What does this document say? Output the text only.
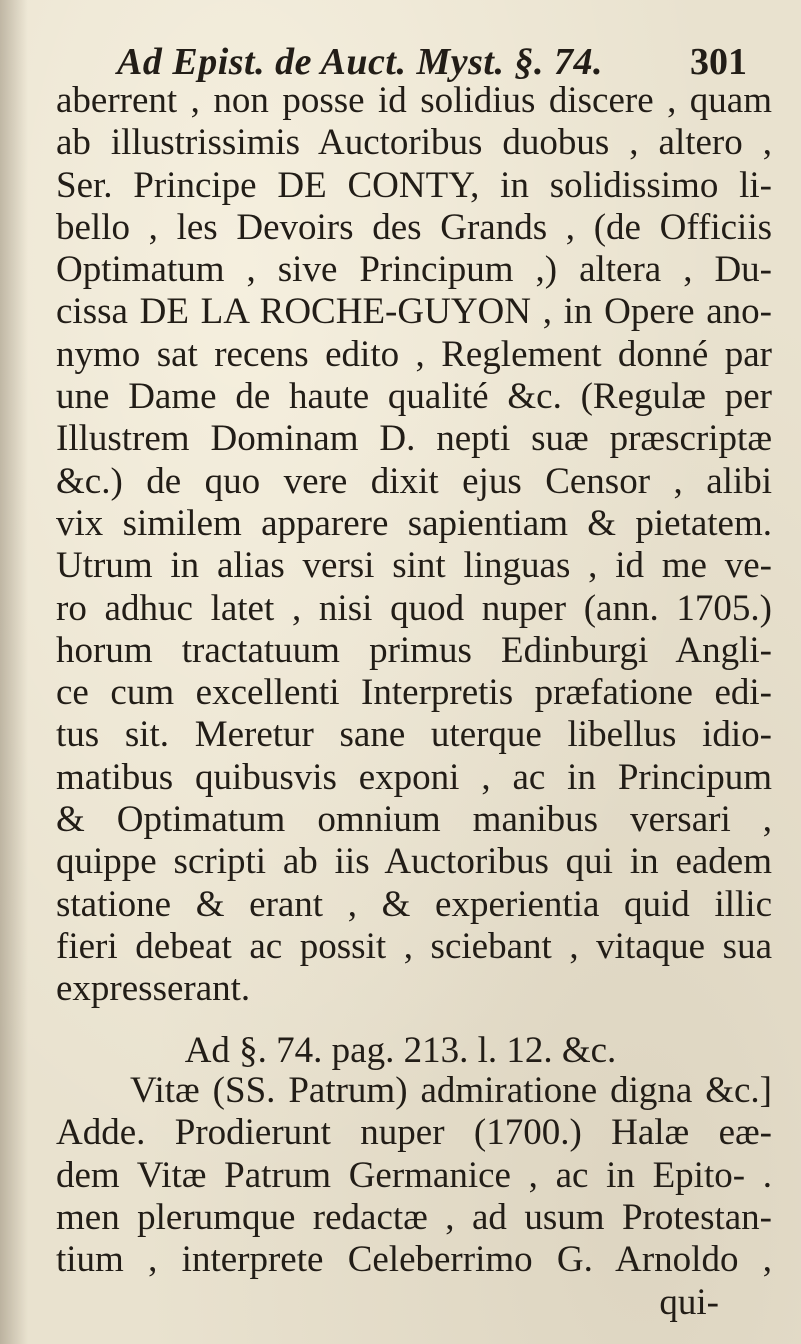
Ad Epist. de Auct. Myst. §. 74. 301
aberrent , non posse id solidius discere , quam
ab illustrissimis Auctoribus duobus , altero ,
Ser. Principe DE CONTY, in solidissimo li-
bello , les Devoirs des Grands , (de Officiis
Optimatum , sive Principum ,) altera , Du-
cissa DE LA ROCHE-GUYON , in Opere ano-
nymo sat recens edito , Reglement donné par
une Dame de haute qualité &c. (Regulæ per
Illustrem Dominam D. nepti suæ præscriptæ
&c.) de quo vere dixit ejus Censor , alibi
vix similem apparere sapientiam & pietatem.
Utrum in alias versi sint linguas , id me ve-
ro adhuc latet , nisi quod nuper (ann. 1705.)
horum tractatuum primus Edinburgi Angli-
ce cum excellenti Interpretis præfatione edi-
tus sit. Meretur sane uterque libellus idio-
matibus quibusvis exponi , ac in Principum
& Optimatum omnium manibus versari ,
quippe scripti ab iis Auctoribus qui in eadem
statione & erant , & experientia quid illic
fieri debeat ac possit , sciebant , vitaque sua
expresserant.
Ad §. 74. pag. 213. l. 12. &c.
Vitæ (SS. Patrum) admiratione digna &c.]
Adde. Prodierunt nuper (1700.) Halæ eæ-
dem Vitæ Patrum Germanice , ac in Epito- .
men plerumque redactæ , ad usum Protestan-
tium , interprete Celeberrimo G. Arnoldo ,
qui-
